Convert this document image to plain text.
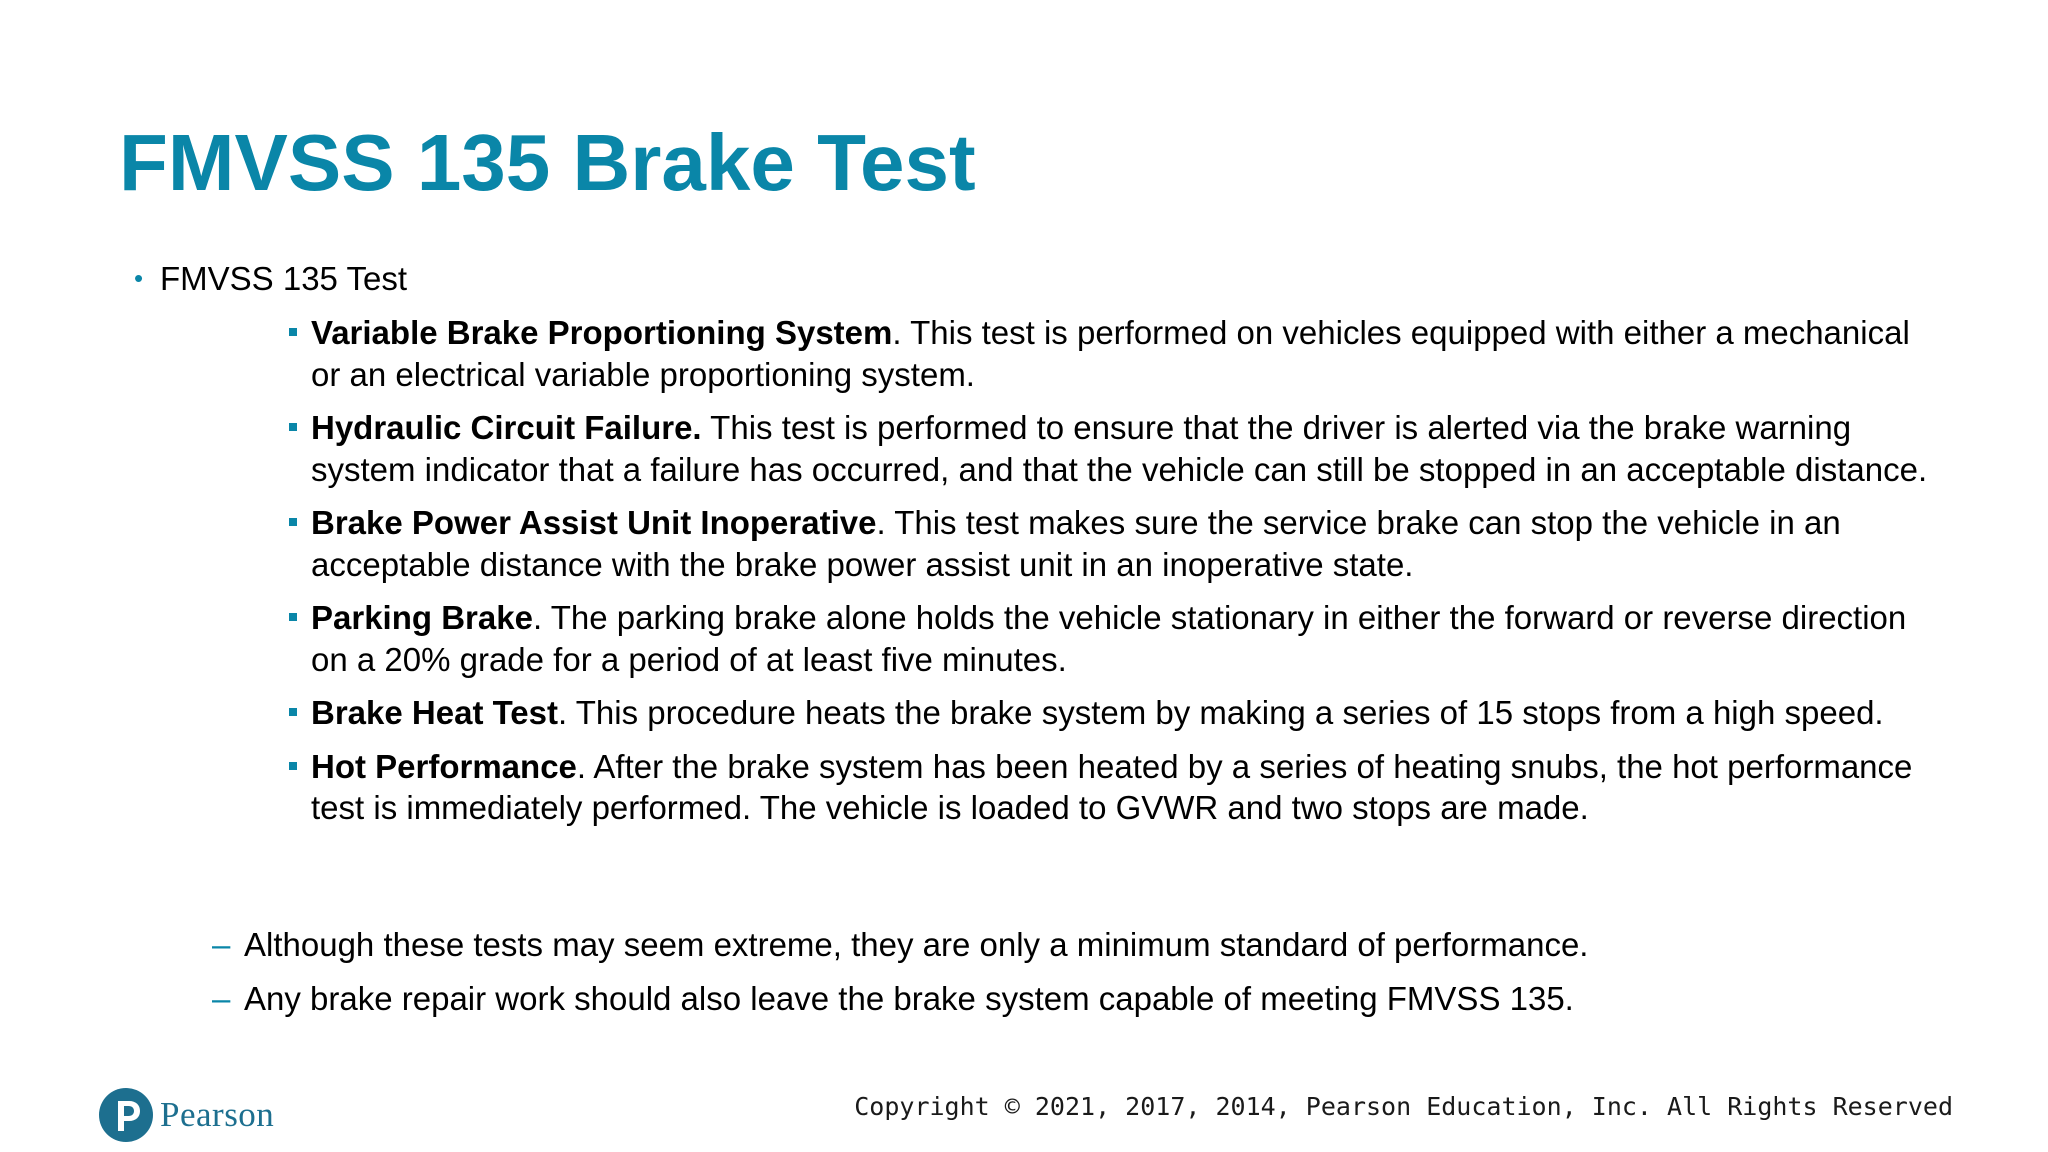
FMVSS 135 Brake Test
• FMVSS 135 Test
Variable Brake Proportioning System. This test is performed on vehicles equipped with either a mechanical or an electrical variable proportioning system.
Hydraulic Circuit Failure. This test is performed to ensure that the driver is alerted via the brake warning system indicator that a failure has occurred, and that the vehicle can still be stopped in an acceptable distance.
Brake Power Assist Unit Inoperative. This test makes sure the service brake can stop the vehicle in an acceptable distance with the brake power assist unit in an inoperative state.
Parking Brake. The parking brake alone holds the vehicle stationary in either the forward or reverse direction on a 20% grade for a period of at least five minutes.
Brake Heat Test. This procedure heats the brake system by making a series of 15 stops from a high speed.
Hot Performance. After the brake system has been heated by a series of heating snubs, the hot performance test is immediately performed. The vehicle is loaded to GVWR and two stops are made.
– Although these tests may seem extreme, they are only a minimum standard of performance.
– Any brake repair work should also leave the brake system capable of meeting FMVSS 135.
Pearson	Copyright © 2021, 2017, 2014, Pearson Education, Inc. All Rights Reserved
